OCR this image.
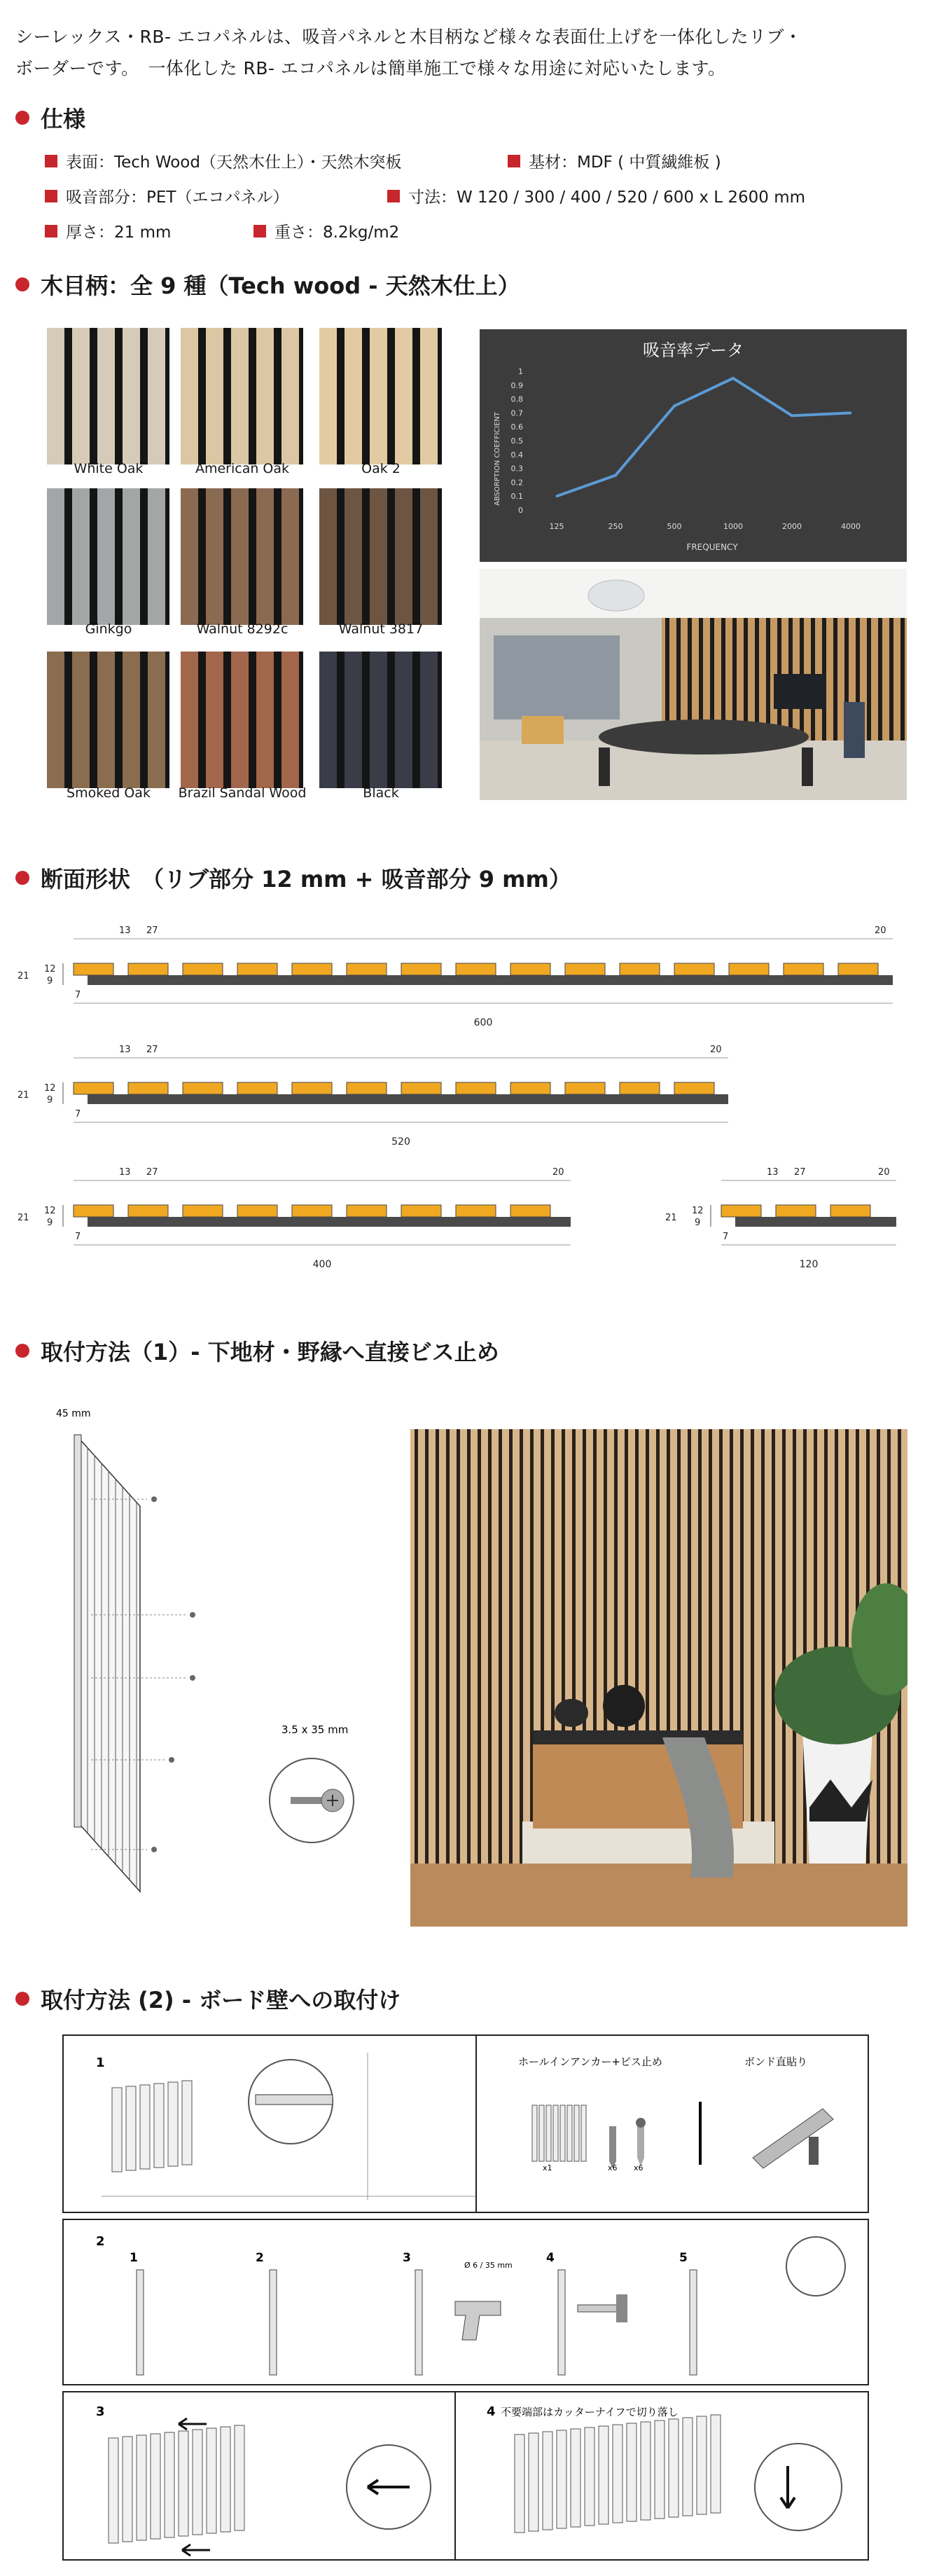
シーレックス・RB- エコパネルは、吸音パネルと木目柄など様々な表面仕上げを一体化したリブ・
ボーダーです。　一体化した RB- エコパネルは簡単施工で様々な用途に対応いたします。
仕様
表面：Tech Wood（天然木仕上）・天然木突板	基材：MDF ( 中質繊維板 )
吸音部分：PET（エコパネル）	寸法：W 120 / 300 / 400 / 520 / 600 x L 2600 mm
厚さ：21 mm	重さ：8.2kg/m2
木目柄：全 9 種（Tech wood - 天然木仕上）
White Oak	American Oak	Oak 2
Ginkgo	Walnut 8292c	Walnut 3817
Smoked Oak	Brazil Sandal Wood	Black
吸音率データ
ABSORPTION COEFFICIENT
FREQUENCY
0
0.1
0.2
0.3
0.4
0.5
0.6
0.7
0.8
0.9
1
125	250	500	1000	2000	4000
断面形状　（リブ部分 12 mm + 吸音部分 9 mm）
21
12
9
7
13 27	20
600
21
12
9
7
13 27	20
520
21
12
9
7
13 27	20
400
21
12
9
7
13 27	20
120
取付方法（1）- 下地材・野縁へ直接ビス止め
45 mm
3.5 x 35 mm
取付方法 (2) - ボード壁への取付け
1	ホールインアンカー+ビス止め	ボンド直貼り
x1	x6 x6
2
1	2	3	4	5
Ø 6 / 35 mm
3	4 不要端部はカッターナイフで切り落し
